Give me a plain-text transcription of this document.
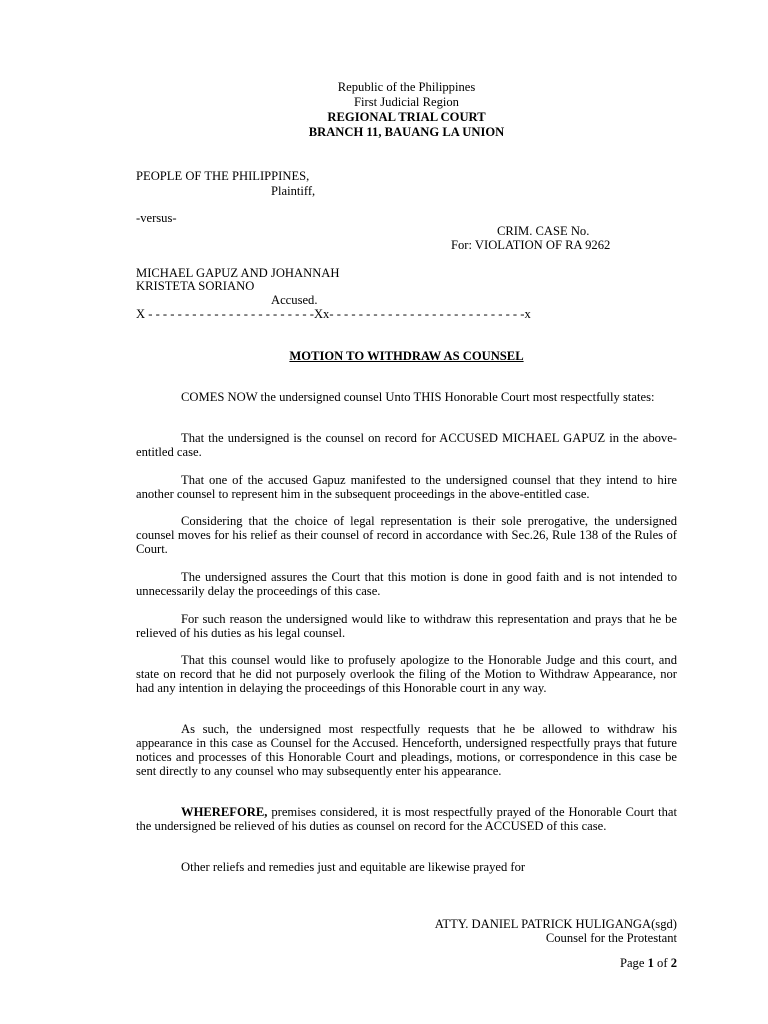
Republic of the Philippines
First Judicial Region
REGIONAL TRIAL COURT
BRANCH 11, BAUANG LA UNION
PEOPLE OF THE PHILIPPINES,
Plaintiff,
-versus-
CRIM. CASE No.
For: VIOLATION OF RA 9262
MICHAEL GAPUZ AND JOHANNAH
KRISTETA SORIANO
Accused.
X - - - - - - - - - - - - - - - - - - - - - - -Xx- - - - - - - - - - - - - - - - - - - - - - - - - - -x
MOTION TO WITHDRAW AS COUNSEL

COMES NOW the undersigned counsel Unto THIS Honorable Court most respectfully states:

That the undersigned is the counsel on record for ACCUSED MICHAEL GAPUZ in the above-entitled case.

That one of the accused Gapuz manifested to the undersigned counsel that they intend to hire another counsel to represent him in the subsequent proceedings in the above-entitled case.

Considering that the choice of legal representation is their sole prerogative, the undersigned counsel moves for his relief as their counsel of record in accordance with Sec.26, Rule 138 of the Rules of Court.

The undersigned assures the Court that this motion is done in good faith and is not intended to unnecessarily delay the proceedings of this case.

For such reason the undersigned would like to withdraw this representation and prays that he be relieved of his duties as his legal counsel.

That this counsel would like to profusely apologize to the Honorable Judge and this court, and state on record that he did not purposely overlook the filing of the Motion to Withdraw Appearance, nor had any intention in delaying the proceedings of this Honorable court in any way.

As such, the undersigned most respectfully requests that he be allowed to withdraw his appearance in this case as Counsel for the Accused. Henceforth, undersigned respectfully prays that future notices and processes of this Honorable Court and pleadings, motions, or correspondence in this case be sent directly to any counsel who may subsequently enter his appearance.

WHEREFORE, premises considered, it is most respectfully prayed of the Honorable Court that the undersigned be relieved of his duties as counsel on record for the ACCUSED of this case.

Other reliefs and remedies just and equitable are likewise prayed for

ATTY. DANIEL PATRICK HULIGANGA(sgd)
Counsel for the Protestant
Page 1 of 2
